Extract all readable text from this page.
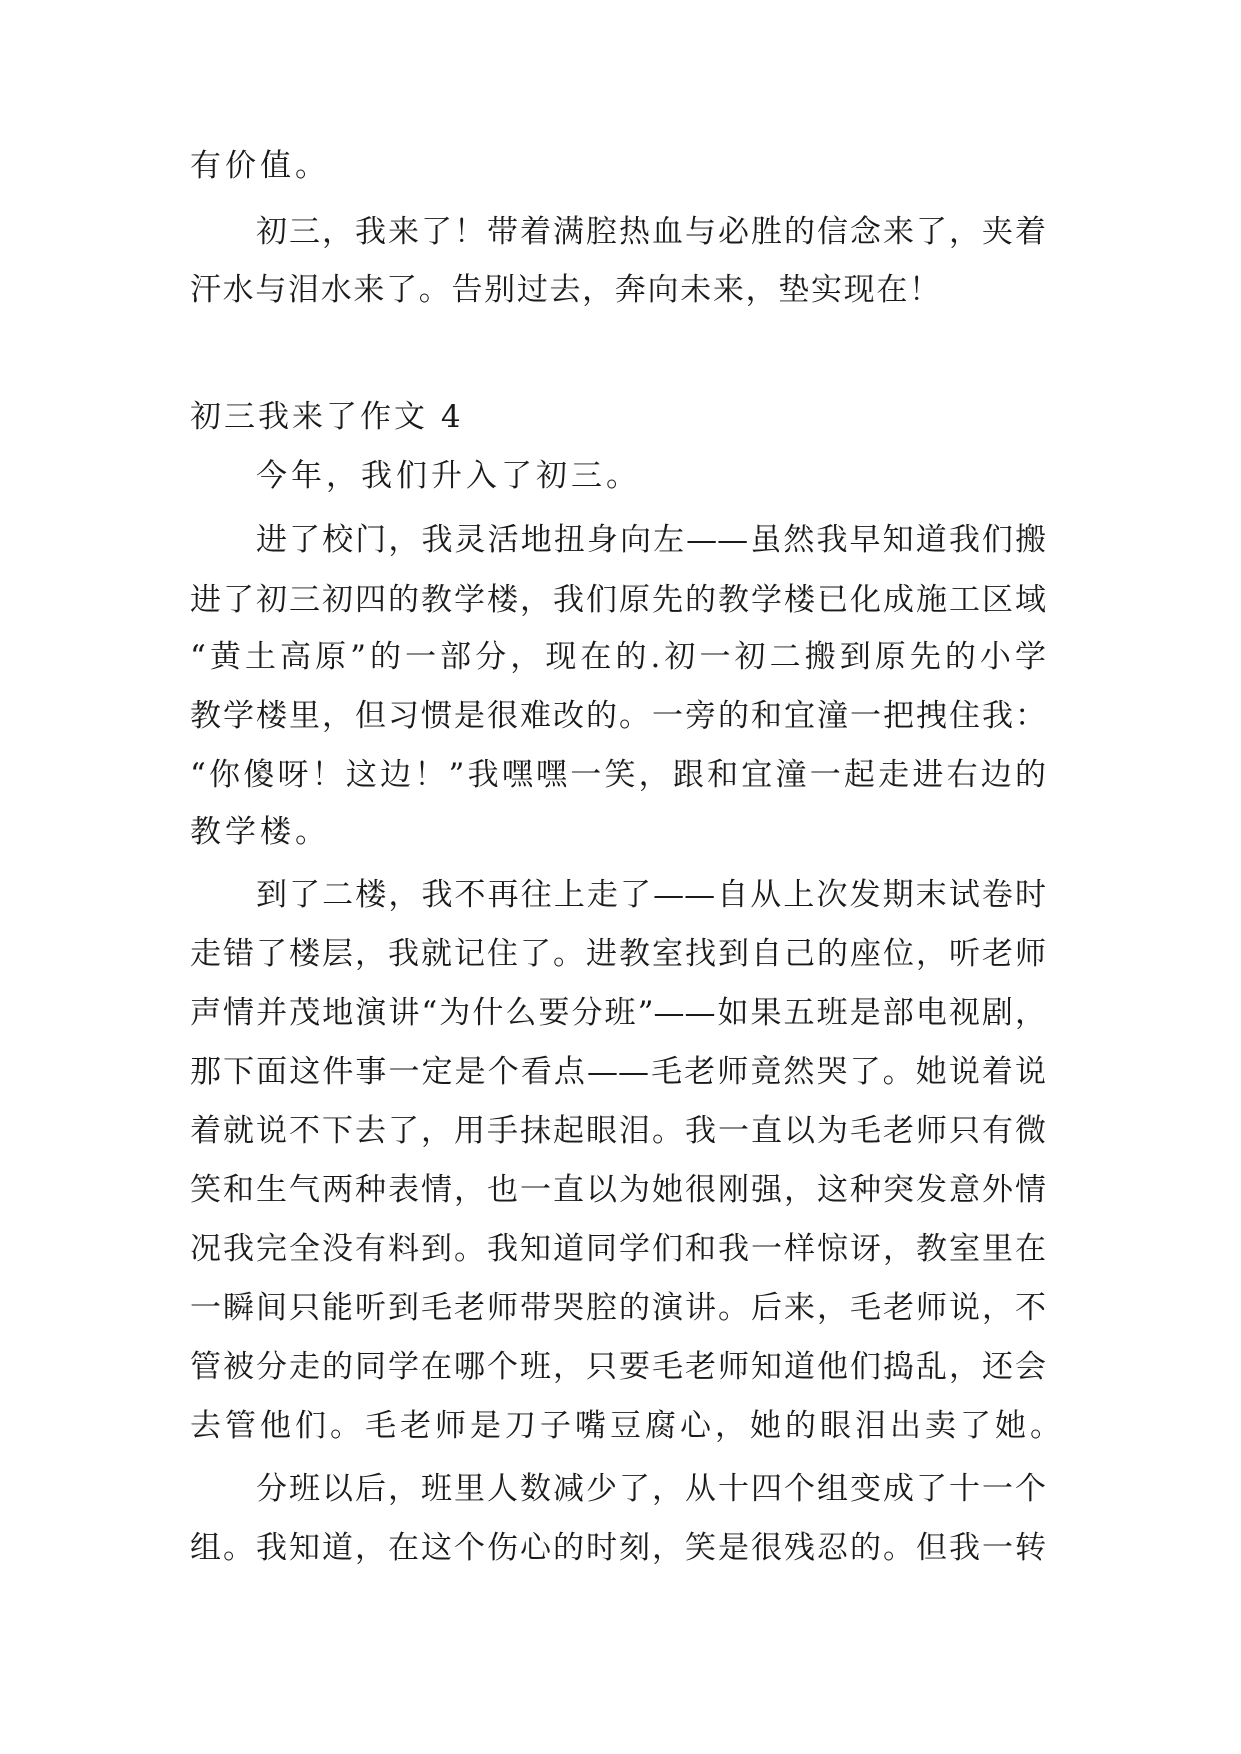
有价值。
初三，我来了！带着满腔热血与必胜的信念来了，夹着
汗水与泪水来了。告别过去，奔向未来，垫实现在！
初三我来了作文 4
今年，我们升入了初三。
进了校门，我灵活地扭身向左——虽然我早知道我们搬
进了初三初四的教学楼，我们原先的教学楼已化成施工区域
“黄土高原”的一部分，现在的.初一初二搬到原先的小学
教学楼里，但习惯是很难改的。一旁的和宜潼一把拽住我：
“你傻呀！这边！”我嘿嘿一笑，跟和宜潼一起走进右边的
教学楼。
到了二楼，我不再往上走了——自从上次发期末试卷时
走错了楼层，我就记住了。进教室找到自己的座位，听老师
声情并茂地演讲“为什么要分班”——如果五班是部电视剧，
那下面这件事一定是个看点——毛老师竟然哭了。她说着说
着就说不下去了，用手抹起眼泪。我一直以为毛老师只有微
笑和生气两种表情，也一直以为她很刚强，这种突发意外情
况我完全没有料到。我知道同学们和我一样惊讶，教室里在
一瞬间只能听到毛老师带哭腔的演讲。后来，毛老师说，不
管被分走的同学在哪个班，只要毛老师知道他们捣乱，还会
去管他们。毛老师是刀子嘴豆腐心，她的眼泪出卖了她。
分班以后，班里人数减少了，从十四个组变成了十一个
组。我知道，在这个伤心的时刻，笑是很残忍的。但我一转
